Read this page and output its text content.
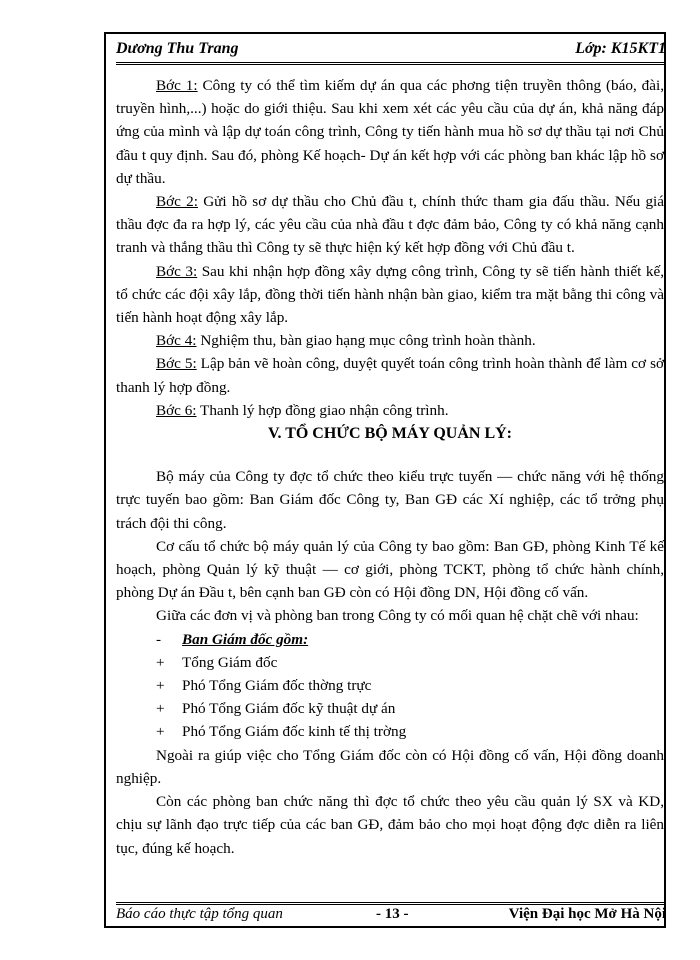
Dương Thu Trang	Lớp: K15KT1

Bớc 1: Công ty có thể tìm kiếm dự án qua các phơng tiện truyền thông (báo, đài, truyền hình,...) hoặc do giới thiệu. Sau khi xem xét các yêu cầu của dự án, khả năng đáp ứng của mình và lập dự toán công trình, Công ty tiến hành mua hồ sơ dự thầu tại nơi Chủ đầu t quy định. Sau đó, phòng Kế hoạch- Dự án kết hợp với các phòng ban khác lập hồ sơ dự thầu.

Bớc 2: Gửi hồ sơ dự thầu cho Chủ đầu t, chính thức tham gia đấu thầu. Nếu giá thầu đợc đa ra hợp lý, các yêu cầu của nhà đầu t đợc đảm bảo, Công ty có khả năng cạnh tranh và thắng thầu thì Công ty sẽ thực hiện ký kết hợp đồng với Chủ đầu t.

Bớc 3: Sau khi nhận hợp đồng xây dựng công trình, Công ty sẽ tiến hành thiết kế, tổ chức các đội xây lắp, đồng thời tiến hành nhận bàn giao, kiểm tra mặt bằng thi công và tiến hành hoạt động xây lắp.

Bớc 4: Nghiệm thu, bàn giao hạng mục công trình hoàn thành.

Bớc 5: Lập bản vẽ hoàn công, duyệt quyết toán công trình hoàn thành để làm cơ sở thanh lý hợp đồng.

Bớc 6: Thanh lý hợp đồng giao nhận công trình.

V. TỔ CHỨC BỘ MÁY QUẢN LÝ:

Bộ máy của Công ty đợc tổ chức theo kiểu trực tuyến — chức năng với hệ thống trực tuyến bao gồm: Ban Giám đốc Công ty, Ban GĐ các Xí nghiệp, các tổ trởng phụ trách đội thi công.

Cơ cấu tổ chức bộ máy quản lý của Công ty bao gồm: Ban GĐ, phòng Kinh Tế kế hoạch, phòng Quản lý kỹ thuật — cơ giới, phòng TCKT, phòng tổ chức hành chính, phòng Dự án Đầu t, bên cạnh ban GĐ còn có Hội đồng DN, Hội đồng cố vấn.

Giữa các đơn vị và phòng ban trong Công ty có mối quan hệ chặt chẽ với nhau:

- Ban Giám đốc gồm:
+ Tổng Giám đốc
+ Phó Tổng Giám đốc thờng trực
+ Phó Tổng Giám đốc kỹ thuật dự án
+ Phó Tổng Giám đốc kinh tế thị trờng

Ngoài ra giúp việc cho Tổng Giám đốc còn có Hội đồng cố vấn, Hội đồng doanh nghiệp.

Còn các phòng ban chức năng thì đợc tổ chức theo yêu cầu quản lý SX và KD, chịu sự lãnh đạo trực tiếp của các ban GĐ, đảm bảo cho mọi hoạt động đợc diễn ra liên tục, đúng kế hoạch.

Báo cáo thực tập tổng quan	- 13 -	Viện Đại học Mở Hà Nội
